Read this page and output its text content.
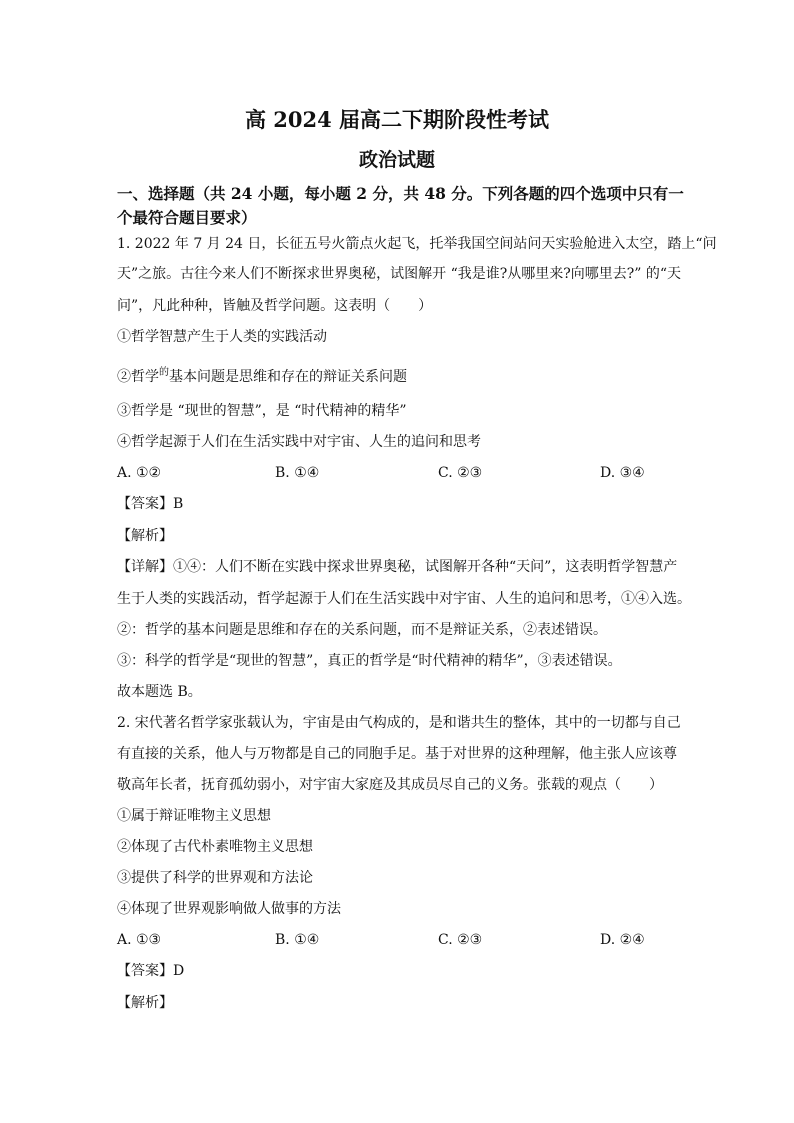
高 2024 届高二下期阶段性考试
政治试题
一、选择题（共 24 小题，每小题 2 分，共 48 分。下列各题的四个选项中只有一
个最符合题目要求）
1. 2022 年 7 月 24 日，长征五号火箭点火起飞，托举我国空间站问天实验舱进入太空，踏上“问
天”之旅。古往今来人们不断探求世界奥秘，试图解开 “我是谁?从哪里来?向哪里去?” 的“天
问”，凡此种种，皆触及哲学问题。这表明（　　）
①哲学智慧产生于人类的实践活动
②哲学$^的$基本问题是思维和存在的辩证关系问题
③哲学是 “现世的智慧”，是 “时代精神的精华”
④哲学起源于人们在生活实践中对宇宙、人生的追问和思考
A. ①②	B. ①④	C. ②③	D. ③④
【答案】B
【解析】
【详解】①④：人们不断在实践中探求世界奥秘，试图解开各种“天问”，这表明哲学智慧产
生于人类的实践活动，哲学起源于人们在生活实践中对宇宙、人生的追问和思考，①④入选。
②：哲学的基本问题是思维和存在的关系问题，而不是辩证关系，②表述错误。
③：科学的哲学是“现世的智慧”，真正的哲学是“时代精神的精华”，③表述错误。
故本题选 B。
2. 宋代著名哲学家张载认为，宇宙是由气构成的，是和谐共生的整体，其中的一切都与自己
有直接的关系，他人与万物都是自己的同胞手足。基于对世界的这种理解，他主张人应该尊
敬高年长者，抚育孤幼弱小，对宇宙大家庭及其成员尽自己的义务。张载的观点（　　）
①属于辩证唯物主义思想
②体现了古代朴素唯物主义思想
③提供了科学的世界观和方法论
④体现了世界观影响做人做事的方法
A. ①③	B. ①④	C. ②③	D. ②④
【答案】D
【解析】
